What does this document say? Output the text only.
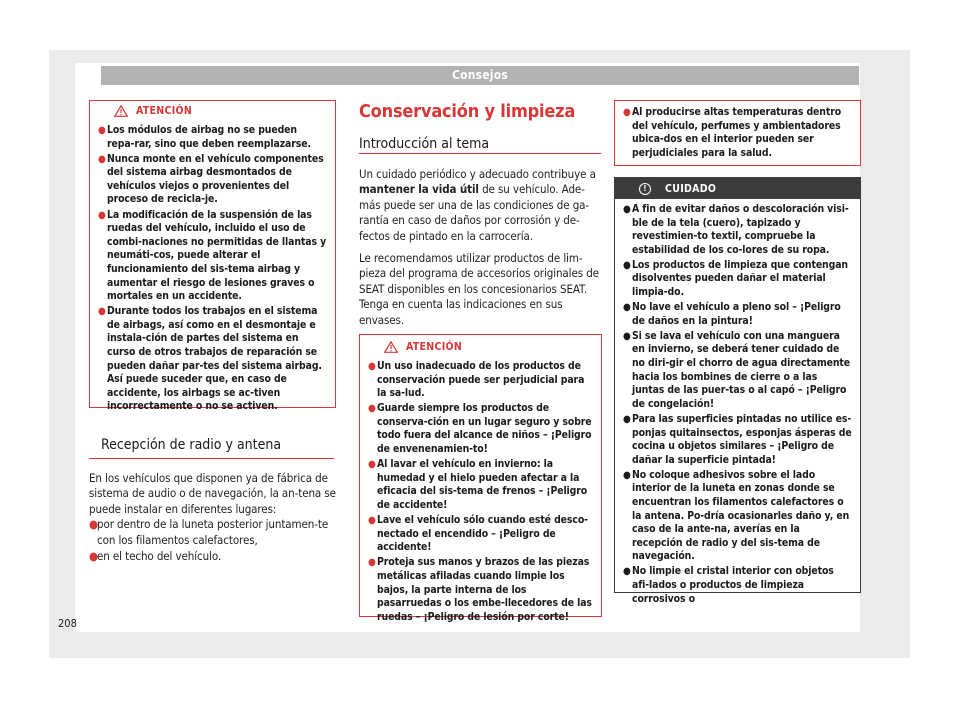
Consejos
ATENCIÓN
● Los módulos de airbag no se pueden repa-rar, sino que deben reemplazarse.
● Nunca monte en el vehículo componentes del sistema airbag desmontados de vehículos viejos o provenientes del proceso de recicla-je.
● La modificación de la suspensión de las ruedas del vehículo, incluido el uso de combi-naciones no permitidas de llantas y neumáti-cos, puede alterar el funcionamiento del sis-tema airbag y aumentar el riesgo de lesiones graves o mortales en un accidente.
● Durante todos los trabajos en el sistema de airbags, así como en el desmontaje e instala-ción de partes del sistema en curso de otros trabajos de reparación se pueden dañar par-tes del sistema airbag. Así puede suceder que, en caso de accidente, los airbags se ac-tiven incorrectamente o no se activen.
Recepción de radio y antena

En los vehículos que disponen ya de fábrica de sistema de audio o de navegación, la an-tena se puede instalar en diferentes lugares:

● por dentro de la luneta posterior juntamen-te con los filamentos calefactores,
● en el techo del vehículo.
Conservación y limpieza
Introducción al tema

Un cuidado periódico y adecuado contribuye a mantener la vida útil de su vehículo. Ade-más puede ser una de las condiciones de ga-rantía en caso de daños por corrosión y de-fectos de pintado en la carrocería.

Le recomendamos utilizar productos de lim-pieza del programa de accesorios originales de SEAT disponibles en los concesionarios SEAT. Tenga en cuenta las indicaciones en sus envases.

ATENCIÓN
● Un uso inadecuado de los productos de conservación puede ser perjudicial para la sa-lud.
● Guarde siempre los productos de conserva-ción en un lugar seguro y sobre todo fuera del alcance de niños – ¡Peligro de envenenamien-to!
● Al lavar el vehículo en invierno: la humedad y el hielo pueden afectar a la eficacia del sis-tema de frenos – ¡Peligro de accidente!
● Lave el vehículo sólo cuando esté desco-nectado el encendido – ¡Peligro de accidente!
● Proteja sus manos y brazos de las piezas metálicas afiladas cuando limpie los bajos, la parte interna de los pasarruedas o los embe-llecedores de las ruedas – ¡Peligro de lesión por corte!
● Al producirse altas temperaturas dentro del vehículo, perfumes y ambientadores ubica-dos en el interior pueden ser perjudiciales para la salud.
!	CUIDADO
● A fin de evitar daños o descoloración visi-ble de la tela (cuero), tapizado y revestimien-to textil, compruebe la estabilidad de los co-lores de su ropa.
● Los productos de limpieza que contengan disolventes pueden dañar el material limpia-do.
● No lave el vehículo a pleno sol – ¡Peligro de daños en la pintura!
● Si se lava el vehículo con una manguera en invierno, se deberá tener cuidado de no diri-gir el chorro de agua directamente hacia los bombines de cierre o a las juntas de las puer-tas o al capó – ¡Peligro de congelación!
● Para las superficies pintadas no utilice es-ponjas quitainsectos, esponjas ásperas de cocina u objetos similares – ¡Peligro de dañar la superficie pintada!
● No coloque adhesivos sobre el lado interior de la luneta en zonas donde se encuentran los filamentos calefactores o la antena. Po-dría ocasionarles daño y, en caso de la ante-na, averías en la recepción de radio y del sis-tema de navegación.
● No limpie el cristal interior con objetos afi-lados o productos de limpieza corrosivos o
208
